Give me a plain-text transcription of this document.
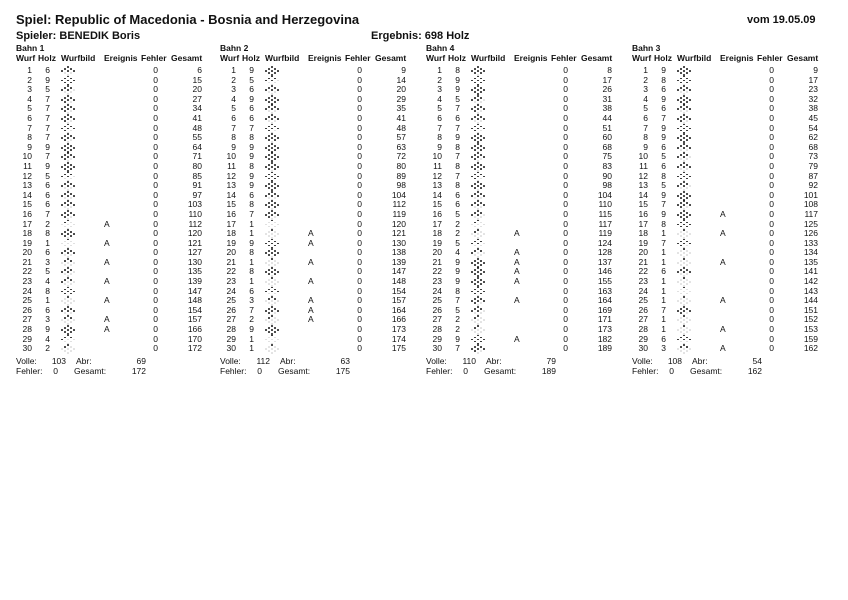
Spiel: Republic of Macedonia - Bosnia and Herzegovina	vom 19.05.09
Spieler: BENEDIK Boris	Ergebnis: 698 Holz
Bahn 1
Wurf Holz Wurfbild Ereignis Fehler Gesamt
1	6	0	6
2	9	0	15
3	5	0	20
4	7	0	27
5	7	0	34
6	7	0	41
7	7	0	48
8	7	0	55
9	9	0	64
10	7	0	71
11	9	0	80
12	5	0	85
13	6	0	91
14	6	0	97
15	6	0	103
16	7	0	110
17	2	A	0	112
18	8	0	120
19	1	A	0	121
20	6	0	127
21	3	A	0	130
22	5	0	135
23	4	A	0	139
24	8	0	147
25	1	A	0	148
26	6	0	154
27	3	A	0	157
28	9	A	0	166
29	4	0	170
30	2	0	172
Volle:	103 Abr:	69
Fehler:	0 Gesamt:	172
Bahn 2
Wurf Holz Wurfbild Ereignis Fehler Gesamt
1	9	0	9
2	5	0	14
3	6	0	20
4	9	0	29
5	6	0	35
6	6	0	41
7	7	0	48
8	8	0	57
9	9	0	63
10	9	0	72
11	8	0	80
12	9	0	89
13	9	0	98
14	6	0	104
15	8	0	112
16	7	0	119
17	1	0	120
18	1	A	0	121
19	9	A	0	130
20	8	0	138
21	1	A	0	139
22	8	0	147
23	1	A	0	148
24	6	0	154
25	3	A	0	157
26	7	A	0	164
27	2	A	0	166
28	9	0	173
29	1	0	174
30	1	0	175
Volle:	112 Abr:	63
Fehler:	0 Gesamt:	175
Bahn 4
Wurf Holz Wurfbild Ereignis Fehler Gesamt
1	8	0	8
2	9	0	17
3	9	0	26
4	5	0	31
5	7	0	38
6	6	0	44
7	7	0	51
8	9	0	60
9	8	0	68
10	7	0	75
11	8	0	83
12	7	0	90
13	8	0	98
14	6	0	104
15	6	0	110
16	5	0	115
17	2	0	117
18	2	A	0	119
19	5	0	124
20	4	A	0	128
21	9	A	0	137
22	9	A	0	146
23	9	A	0	155
24	8	0	163
25	7	A	0	164
26	5	0	169
27	2	0	171
28	2	0	173
29	9	A	0	182
30	7	0	189
Volle:	110 Abr:	79
Fehler:	0 Gesamt:	189
Bahn 3
Wurf Holz Wurfbild Ereignis Fehler Gesamt
1	9	0	9
2	8	0	17
3	6	0	23
4	9	0	32
5	6	0	38
6	7	0	45
7	9	0	54
8	9	0	62
9	6	0	68
10	5	0	73
11	6	0	79
12	8	0	87
13	5	0	92
14	9	0	101
15	7	0	108
16	9	A	0	117
17	8	0	125
18	1	A	0	126
19	7	0	133
20	1	0	134
21	1	A	0	135
22	6	0	141
23	1	0	142
24	1	0	143
25	1	A	0	144
26	7	0	151
27	1	0	152
28	1	A	0	153
29	6	0	159
30	3	A	0	162
Volle:	108 Abr:	54
Fehler:	0 Gesamt:	162
